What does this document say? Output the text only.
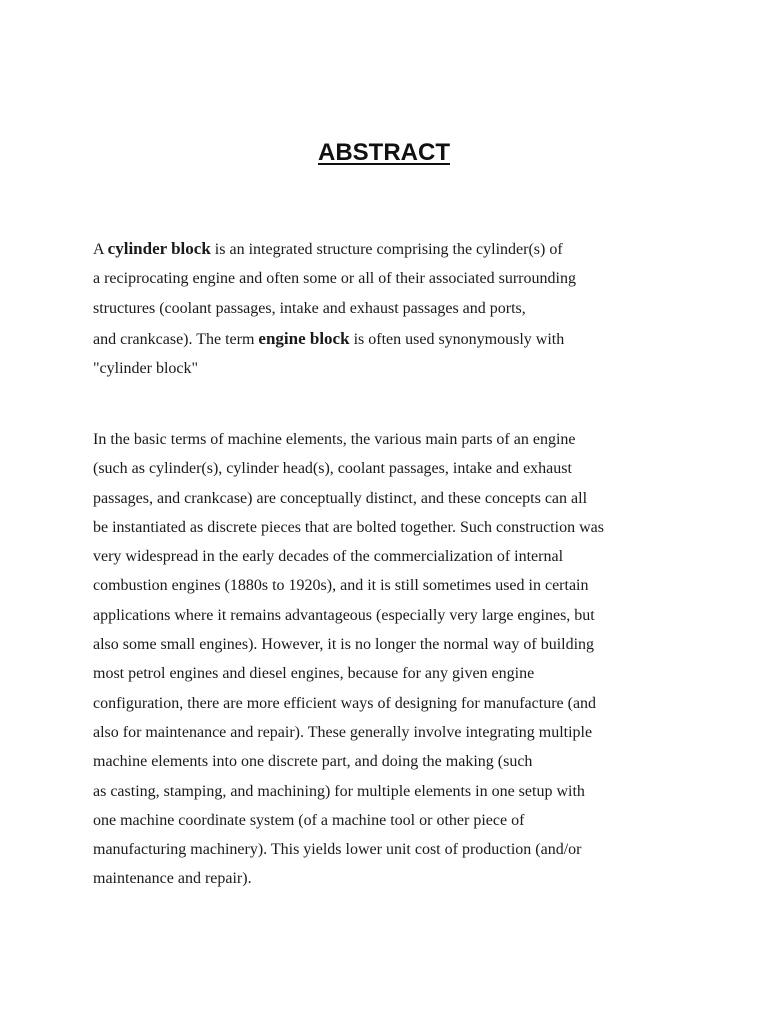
ABSTRACT
A cylinder block is an integrated structure comprising the cylinder(s) of
a reciprocating engine and often some or all of their associated surrounding
structures (coolant passages, intake and exhaust passages and ports,
and crankcase). The term engine block is often used synonymously with
"cylinder block"
In the basic terms of machine elements, the various main parts of an engine
(such as cylinder(s), cylinder head(s), coolant passages, intake and exhaust
passages, and crankcase) are conceptually distinct, and these concepts can all
be instantiated as discrete pieces that are bolted together. Such construction was
very widespread in the early decades of the commercialization of internal
combustion engines (1880s to 1920s), and it is still sometimes used in certain
applications where it remains advantageous (especially very large engines, but
also some small engines). However, it is no longer the normal way of building
most petrol engines and diesel engines, because for any given engine
configuration, there are more efficient ways of designing for manufacture (and
also for maintenance and repair). These generally involve integrating multiple
machine elements into one discrete part, and doing the making (such
as casting, stamping, and machining) for multiple elements in one setup with
one machine coordinate system (of a machine tool or other piece of
manufacturing machinery). This yields lower unit cost of production (and/or
maintenance and repair).
